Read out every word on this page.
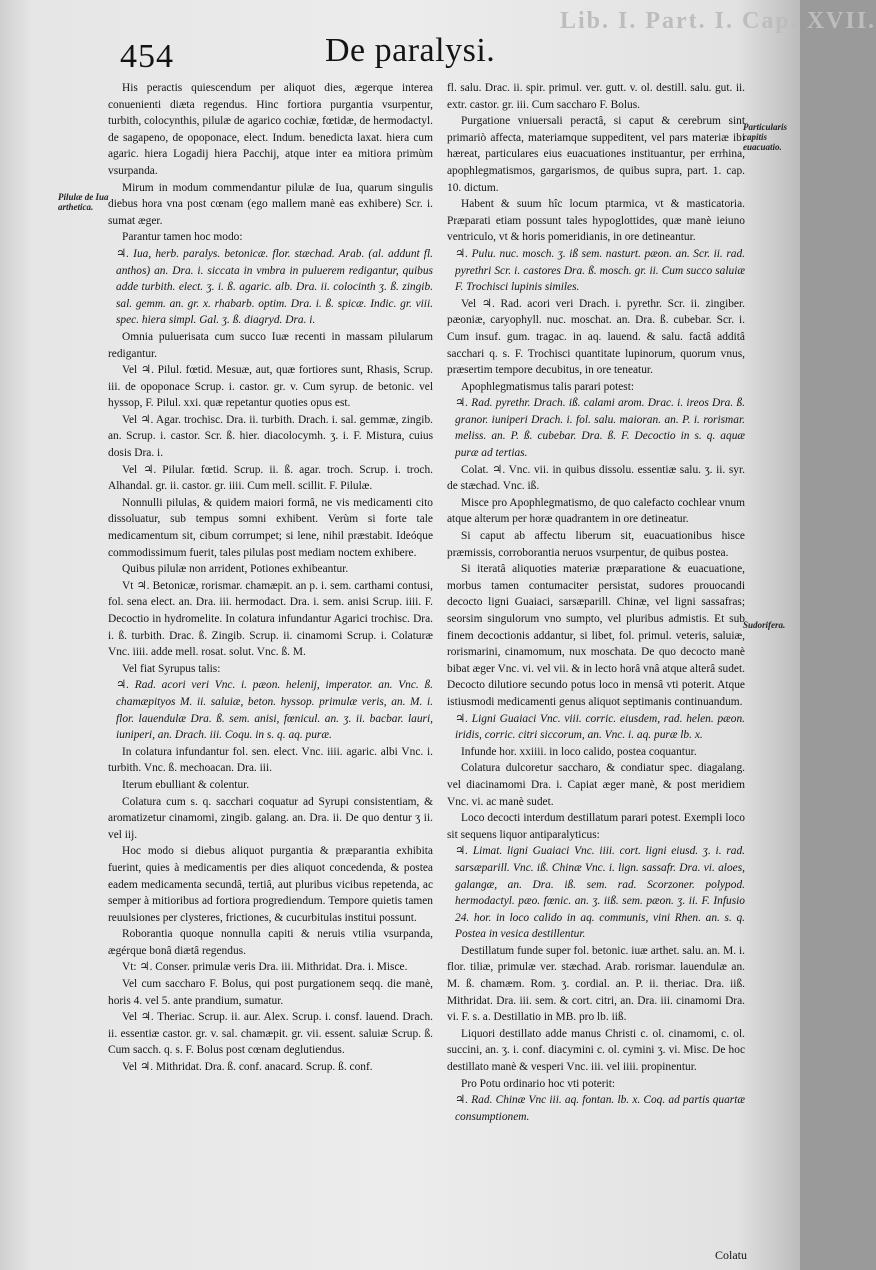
Lib. I. Part. I. Cap. XVII.
454	De paralysi.
Pilulæ de Iua arthetica.
Particularis capitis euacuatio.
Sudorifera.

His peractis quiescendum per aliquot dies, ægerque interea conuenienti diæta regendus. Hinc fortiora purgantia vsurpentur, turbith, colocynthis, pilulæ de agarico cochiæ, fœtidæ, de hermodactyl. de sagapeno, de opoponace, elect. Indum. benedicta laxat. hiera cum agaric. hiera Logadij hiera Pacchij, atque inter ea mitiora primùm vsurpanda.

Mirum in modum commendantur pilulæ de Iua, quarum singulis diebus hora vna post cœnam (ego mallem manè eas exhibere) Scr. i. sumat æger.

Parantur tamen hoc modo:

♃. Iua, herb. paralys. betonicæ. flor. stæchad. Arab. (al. addunt fl. anthos) an. Dra. i. siccata in vmbra in puluerem redigantur, quibus adde turbith. elect. ʒ. i. ß. agaric. alb. Dra. ii. colocinth ʒ. ß. zingib. sal. gemm. an. gr. x. rhabarb. optim. Dra. i. ß. spicæ. Indic. gr. viii. spec. hiera simpl. Gal. ʒ. ß. diagryd. Dra. i.

Omnia puluerisata cum succo Iuæ recenti in massam pilularum redigantur.

Vel ♃. Pilul. fœtid. Mesuæ, aut, quæ fortiores sunt, Rhasis, Scrup. iii. de opoponace Scrup. i. castor. gr. v. Cum syrup. de betonic. vel hyssop, F. Pilul. xxi. quæ repetantur quoties opus est.

Vel ♃. Agar. trochisc. Dra. ii. turbith. Drach. i. sal. gemmæ, zingib. an. Scrup. i. castor. Scr. ß. hier. diacolocymh. ʒ. i. F. Mistura, cuius dosis Dra. i.

Vel ♃. Pilular. fœtid. Scrup. ii. ß. agar. troch. Scrup. i. troch. Alhandal. gr. ii. castor. gr. iiii. Cum mell. scillit. F. Pilulæ.

Nonnulli pilulas, & quidem maiori formâ, ne vis medicamenti cito dissoluatur, sub tempus somni exhibent. Verùm si forte tale medicamentum sit, cibum corrumpet; si lene, nihil præstabit. Ideóque commodissimum fuerit, tales pilulas post mediam noctem exhibere.

Quibus pilulæ non arrident, Potiones exhibeantur.

Vt ♃. Betonicæ, rorismar. chamæpit. an p. i. sem. carthami contusi, fol. sena elect. an. Dra. iii. hermodact. Dra. i. sem. anisi Scrup. iiii. F. Decoctio in hydromelite. In colatura infundantur Agarici trochisc. Dra. i. ß. turbith. Drac. ß. Zingib. Scrup. ii. cinamomi Scrup. i. Colaturæ Vnc. iiii. adde mell. rosat. solut. Vnc. ß. M.

Vel fiat Syrupus talis:

♃. Rad. acori veri Vnc. i. pæon. helenij, imperator. an. Vnc. ß. chamæpityos M. ii. saluiæ, beton. hyssop. primulæ veris, an. M. i. flor. lauendulæ Dra. ß. sem. anisi, fœnicul. an. ʒ. ii. bacbar. lauri, iuniperi, an. Drach. iii. Coqu. in s. q. aq. puræ.

In colatura infundantur fol. sen. elect. Vnc. iiii. agaric. albi Vnc. i. turbith. Vnc. ß. mechoacan. Dra. iii.

Iterum ebulliant & colentur.

Colatura cum s. q. sacchari coquatur ad Syrupi consistentiam, & aromatizetur cinamomi, zingib. galang. an. Dra. ii. De quo dentur ʒ ii. vel iij.

Hoc modo si diebus aliquot purgantia & præparantia exhibita fuerint, quies à medicamentis per dies aliquot concedenda, & postea eadem medicamenta secundâ, tertiâ, aut pluribus vicibus repetenda, ac semper à mitioribus ad fortiora progrediendum. Tempore quietis tamen reuulsiones per clysteres, frictiones, & cucurbitulas institui possunt.

Roborantia quoque nonnulla capiti & neruis vtilia vsurpanda, ægérque bonâ diætâ regendus.

Vt: ♃. Conser. primulæ veris Dra. iii. Mithridat. Dra. i. Misce.

Vel cum saccharo F. Bolus, qui post purgationem seqq. die manè, horis 4. vel 5. ante prandium, sumatur.

Vel ♃. Theriac. Scrup. ii. aur. Alex. Scrup. i. consf. lauend. Drach. ii. essentiæ castor. gr. v. sal. chamæpit. gr. vii. essent. saluiæ Scrup. ß. Cum sacch. q. s. F. Bolus post cœnam deglutiendus.

Vel ♃. Mithridat. Dra. ß. conf. anacard. Scrup. ß. conf.

fl. salu. Drac. ii. spir. primul. ver. gutt. v. ol. destill. salu. gut. ii. extr. castor. gr. iii. Cum saccharo F. Bolus.

Purgatione vniuersali peractâ, si caput & cerebrum sint primariò affecta, materiamque suppeditent, vel pars materiæ ibi hæreat, particulares eius euacuationes instituantur, per errhina, apophlegmatismos, gargarismos, de quibus supra, part. 1. cap. 10. dictum.

Habent & suum hîc locum ptarmica, vt & masticatoria. Præparati etiam possunt tales hypoglottides, quæ manè ieiuno ventriculo, vt & horis pomeridianis, in ore detineantur.

♃. Pulu. nuc. mosch. ʒ. iß sem. nasturt. pæon. an. Scr. ii. rad. pyrethri Scr. i. castores Dra. ß. mosch. gr. ii. Cum succo saluiæ F. Trochisci lupinis similes.

Vel ♃. Rad. acori veri Drach. i. pyrethr. Scr. ii. zingiber. pæoniæ, caryophyll. nuc. moschat. an. Dra. ß. cubebar. Scr. i. Cum insuf. gum. tragac. in aq. lauend. & salu. factâ additâ sacchari q. s. F. Trochisci quantitate lupinorum, quorum vnus, præsertim tempore decubitus, in ore teneatur.

Apophlegmatismus talis parari potest:

♃. Rad. pyrethr. Drach. iß. calami arom. Drac. i. ireos Dra. ß. granor. iuniperi Drach. i. fol. salu. maioran. an. P. i. rorismar. meliss. an. P. ß. cubebar. Dra. ß. F. Decoctio in s. q. aquæ puræ ad tertias.

Colat. ♃. Vnc. vii. in quibus dissolu. essentiæ salu. ʒ. ii. syr. de stæchad. Vnc. iß.

Misce pro Apophlegmatismo, de quo calefacto cochlear vnum atque alterum per horæ quadrantem in ore detineatur.

Si caput ab affectu liberum sit, euacuationibus hisce præmissis, corroborantia neruos vsurpentur, de quibus postea.

Si iteratâ aliquoties materiæ præparatione & euacuatione, morbus tamen contumaciter persistat, sudores prouocandi decocto ligni Guaiaci, sarsæparill. Chinæ, vel ligni sassafras; seorsim singulorum vno sumpto, vel pluribus admistis. Et sub finem decoctionis addantur, si libet, fol. primul. veteris, saluiæ, rorismarini, cinamomum, nux moschata. De quo decocto manè bibat æger Vnc. vi. vel vii. & in lecto horâ vnâ atque alterâ sudet. Decocto dilutiore secundo potus loco in mensâ vti poterit. Atque istiusmodi medicamenti genus aliquot septimanis continuandum.

♃. Ligni Guaiaci Vnc. viii. corric. eiusdem, rad. helen. pæon. iridis, corric. citri siccorum, an. Vnc. i. aq. puræ lb. x.

Infunde hor. xxiiii. in loco calido, postea coquantur.

Colatura dulcoretur saccharo, & condiatur spec. diagalang. vel diacinamomi Dra. i. Capiat æger manè, & post meridiem Vnc. vi. ac manè sudet.

Loco decocti interdum destillatum parari potest. Exempli loco sit sequens liquor antiparalyticus:

♃. Limat. ligni Guaiaci Vnc. iiii. cort. ligni eiusd. ʒ. i. rad. sarsæparill. Vnc. iß. Chinæ Vnc. i. lign. sassafr. Dra. vi. aloes, galangæ, an. Dra. iß. sem. rad. Scorzoner. polypod. hermodactyl. pæo. fœnic. an. ʒ. iiß. sem. pæon. ʒ. ii. F. Infusio 24. hor. in loco calido in aq. communis, vini Rhen. an. s. q. Postea in vesica destillentur.

Destillatum funde super fol. betonic. iuæ arthet. salu. an. M. i. flor. tiliæ, primulæ ver. stæchad. Arab. rorismar. lauendulæ an. M. ß. chamæm. Rom. ʒ. cordial. an. P. ii. theriac. Dra. iiß. Mithridat. Dra. iii. sem. & cort. citri, an. Dra. iii. cinamomi Dra. vi. F. s. a. Destillatio in MB. pro lb. iiß.

Liquori destillato adde manus Christi c. ol. cinamomi, c. ol. succini, an. ʒ. i. conf. diacymini c. ol. cymini ʒ. vi. Misc. De hoc destillato manè & vesperi Vnc. iii. vel iiii. propinentur.

Pro Potu ordinario hoc vti poterit:

♃. Rad. Chinæ Vnc iii. aq. fontan. lb. x. Coq. ad partis quartæ consumptionem.

Colatu
